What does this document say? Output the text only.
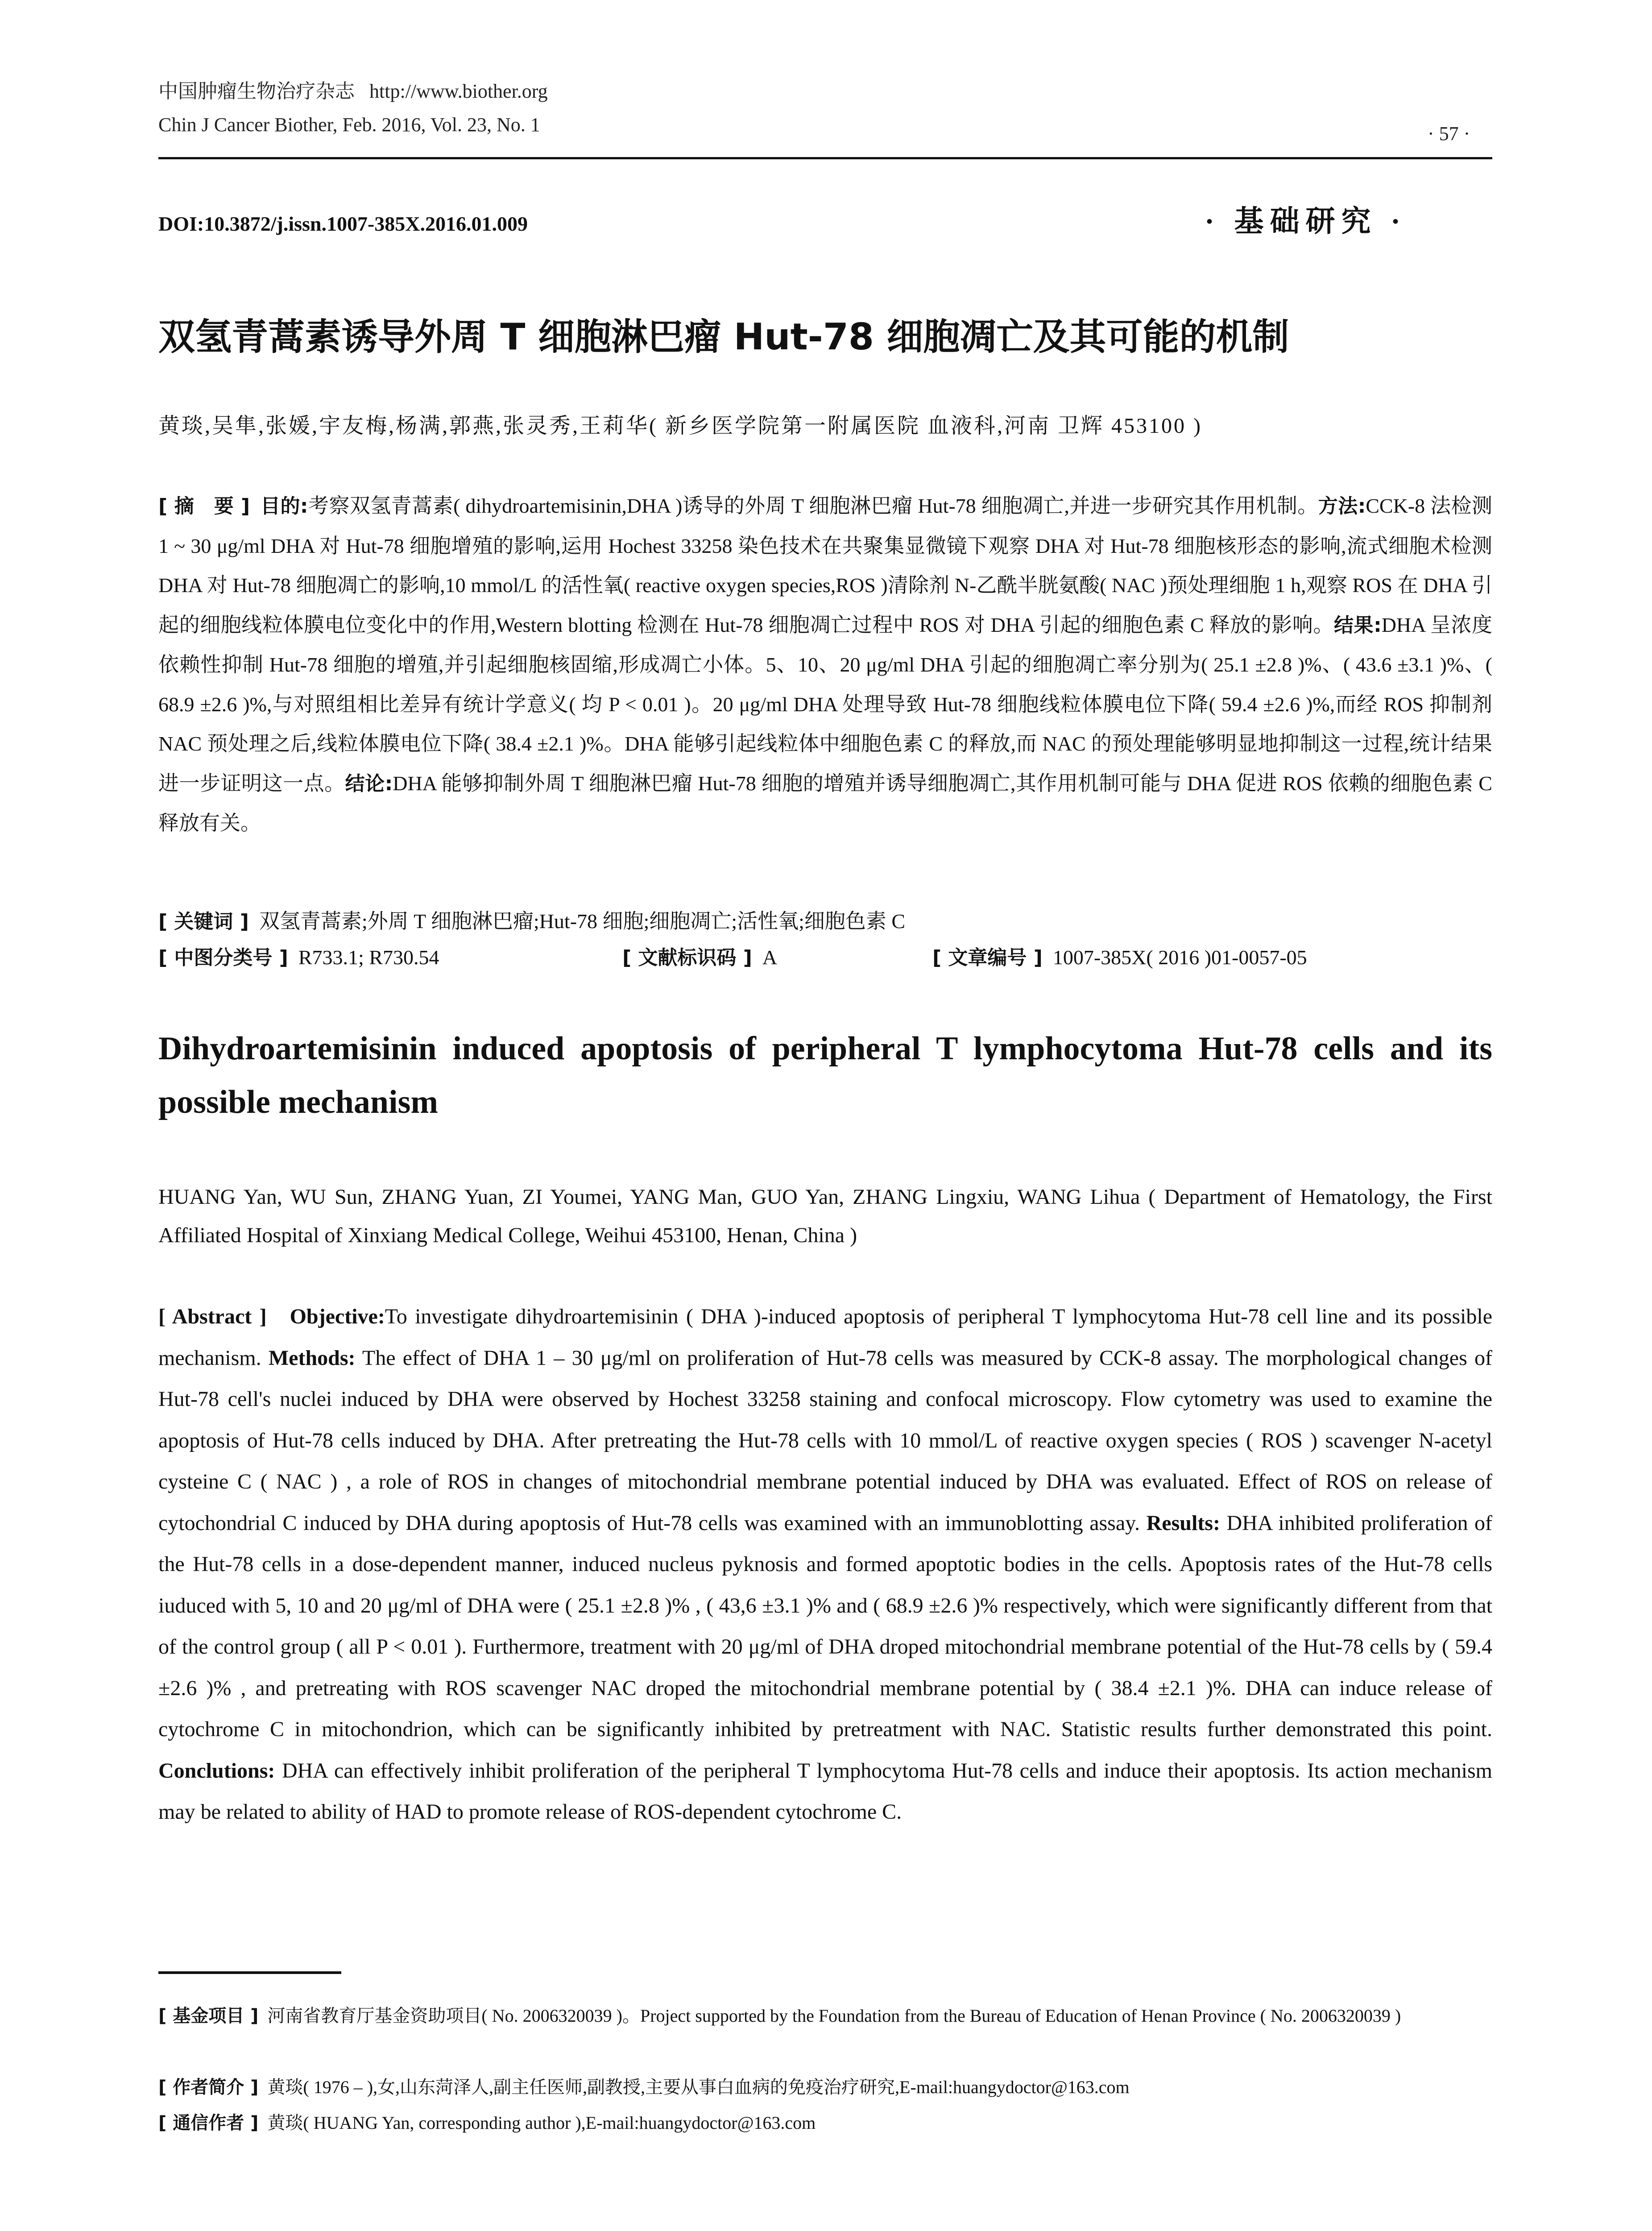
中国肿瘤生物治疗杂志 http://www.biother.org
Chin J Cancer Biother, Feb. 2016, Vol. 23, No. 1	· 57 ·
DOI:10.3872/j.issn.1007-385X.2016.01.009	· 基础研究 ·
双氢青蒿素诱导外周 T 细胞淋巴瘤 Hut-78 细胞凋亡及其可能的机制
黄琰,吴隼,张媛,宇友梅,杨满,郭燕,张灵秀,王莉华( 新乡医学院第一附属医院 血液科,河南 卫辉 453100 )
[ 摘　要 ] 目的:考察双氢青蒿素( dihydroartemisinin,DHA )诱导的外周 T 细胞淋巴瘤 Hut-78 细胞凋亡,并进一步研究其作用机制。方法:CCK-8 法检测 1 ~ 30 μg/ml DHA 对 Hut-78 细胞增殖的影响,运用 Hochest 33258 染色技术在共聚集显微镜下观察 DHA 对 Hut-78 细胞核形态的影响,流式细胞术检测 DHA 对 Hut-78 细胞凋亡的影响,10 mmol/L 的活性氧( reactive oxygen species,ROS )清除剂 N-乙酰半胱氨酸( NAC )预处理细胞 1 h,观察 ROS 在 DHA 引起的细胞线粒体膜电位变化中的作用,Western blotting 检测在 Hut-78 细胞凋亡过程中 ROS 对 DHA 引起的细胞色素 C 释放的影响。结果:DHA 呈浓度依赖性抑制 Hut-78 细胞的增殖,并引起细胞核固缩,形成凋亡小体。5、10、20 μg/ml DHA 引起的细胞凋亡率分别为( 25.1 ±2.8 )%、( 43.6 ±3.1 )%、( 68.9 ±2.6 )%,与对照组相比差异有统计学意义( 均 P < 0.01 )。20 μg/ml DHA 处理导致 Hut-78 细胞线粒体膜电位下降( 59.4 ±2.6 )%,而经 ROS 抑制剂 NAC 预处理之后,线粒体膜电位下降( 38.4 ±2.1 )%。DHA 能够引起线粒体中细胞色素 C 的释放,而 NAC 的预处理能够明显地抑制这一过程,统计结果进一步证明这一点。结论:DHA 能够抑制外周 T 细胞淋巴瘤 Hut-78 细胞的增殖并诱导细胞凋亡,其作用机制可能与 DHA 促进 ROS 依赖的细胞色素 C 释放有关。
[ 关键词 ] 双氢青蒿素;外周 T 细胞淋巴瘤;Hut-78 细胞;细胞凋亡;活性氧;细胞色素 C
[ 中图分类号 ] R733.1; R730.54	[ 文献标识码 ] A	[ 文章编号 ] 1007-385X( 2016 )01-0057-05
Dihydroartemisinin induced apoptosis of peripheral T lymphocytoma Hut-78 cells and its possible mechanism
HUANG Yan, WU Sun, ZHANG Yuan, ZI Youmei, YANG Man, GUO Yan, ZHANG Lingxiu, WANG Lihua ( Department of Hematology, the First Affiliated Hospital of Xinxiang Medical College, Weihui 453100, Henan, China )
[ Abstract ] Objective:To investigate dihydroartemisinin ( DHA )-induced apoptosis of peripheral T lymphocytoma Hut-78 cell line and its possible mechanism. Methods: The effect of DHA 1 – 30 μg/ml on proliferation of Hut-78 cells was measured by CCK-8 assay. The morphological changes of Hut-78 cell's nuclei induced by DHA were observed by Hochest 33258 staining and confocal microscopy. Flow cytometry was used to examine the apoptosis of Hut-78 cells induced by DHA. After pretreating the Hut-78 cells with 10 mmol/L of reactive oxygen species ( ROS ) scavenger N-acetyl cysteine C ( NAC ) , a role of ROS in changes of mitochondrial membrane potential induced by DHA was evaluated. Effect of ROS on release of cytochondrial C induced by DHA during apoptosis of Hut-78 cells was examined with an immunoblotting assay. Results: DHA inhibited proliferation of the Hut-78 cells in a dose-dependent manner, induced nucleus pyknosis and formed apoptotic bodies in the cells. Apoptosis rates of the Hut-78 cells iuduced with 5, 10 and 20 μg/ml of DHA were ( 25.1 ±2.8 )% , ( 43,6 ±3.1 )% and ( 68.9 ±2.6 )% respectively, which were significantly different from that of the control group ( all P < 0.01 ). Furthermore, treatment with 20 μg/ml of DHA droped mitochondrial membrane potential of the Hut-78 cells by ( 59.4 ±2.6 )% , and pretreating with ROS scavenger NAC droped the mitochondrial membrane potential by ( 38.4 ±2.1 )%. DHA can induce release of cytochrome C in mitochondrion, which can be significantly inhibited by pretreatment with NAC. Statistic results further demonstrated this point. Conclutions: DHA can effectively inhibit proliferation of the peripheral T lymphocytoma Hut-78 cells and induce their apoptosis. Its action mechanism may be related to ability of HAD to promote release of ROS-dependent cytochrome C.
[ 基金项目 ] 河南省教育厅基金资助项目( No. 2006320039 )。Project supported by the Foundation from the Bureau of Education of Henan Province ( No. 2006320039 )
[ 作者简介 ] 黄琰( 1976 – ),女,山东菏泽人,副主任医师,副教授,主要从事白血病的免疫治疗研究,E-mail:huangydoctor@163.com
[ 通信作者 ] 黄琰( HUANG Yan, corresponding author ),E-mail:huangydoctor@163.com
